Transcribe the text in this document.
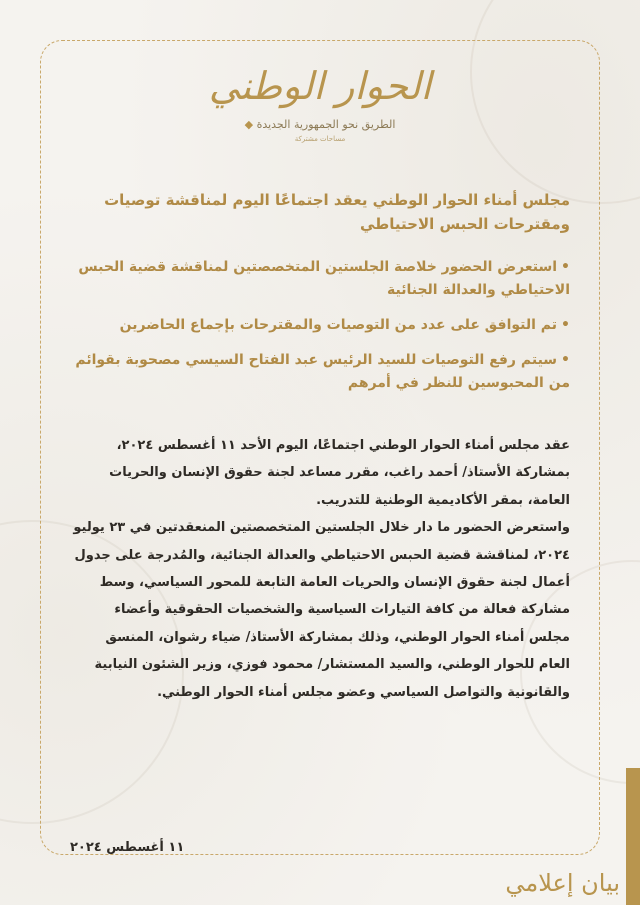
الحوار الوطني
◆ الطريق نحو الجمهورية الجديدة
مساحات مشتركة
مجلس أمناء الحوار الوطني يعقد اجتماعًا اليوم لمناقشة توصيات ومقترحات الحبس الاحتياطي
•استعرض الحضور خلاصة الجلستين المتخصصتين لمناقشة قضية الحبس الاحتياطي والعدالة الجنائية
•تم التوافق على عدد من التوصيات والمقترحات بإجماع الحاضرين
•سيتم رفع التوصيات للسيد الرئيس عبد الفتاح السيسي مصحوبة بقوائم من المحبوسين للنظر في أمرهم

عقد مجلس أمناء الحوار الوطني اجتماعًا، اليوم الأحد ١١ أغسطس ٢٠٢٤، بمشاركة الأستاذ/ أحمد راغب، مقرر مساعد لجنة حقوق الإنسان والحريات العامة، بمقر الأكاديمية الوطنية للتدريب.

واستعرض الحضور ما دار خلال الجلستين المتخصصتين المنعقدتين في ٢٣ يوليو ٢٠٢٤، لمناقشة قضية الحبس الاحتياطي والعدالة الجنائية، والمُدرجة على جدول أعمال لجنة حقوق الإنسان والحريات العامة التابعة للمحور السياسي، وسط مشاركة فعالة من كافة التيارات السياسية والشخصيات الحقوقية وأعضاء مجلس أمناء الحوار الوطني، وذلك بمشاركة الأستاذ/ ضياء رشوان، المنسق العام للحوار الوطني، والسيد المستشار/ محمود فوزي، وزير الشئون النيابية والقانونية والتواصل السياسي وعضو مجلس أمناء الحوار الوطني.

١١ أغسطس ٢٠٢٤
بيان إعلامي
